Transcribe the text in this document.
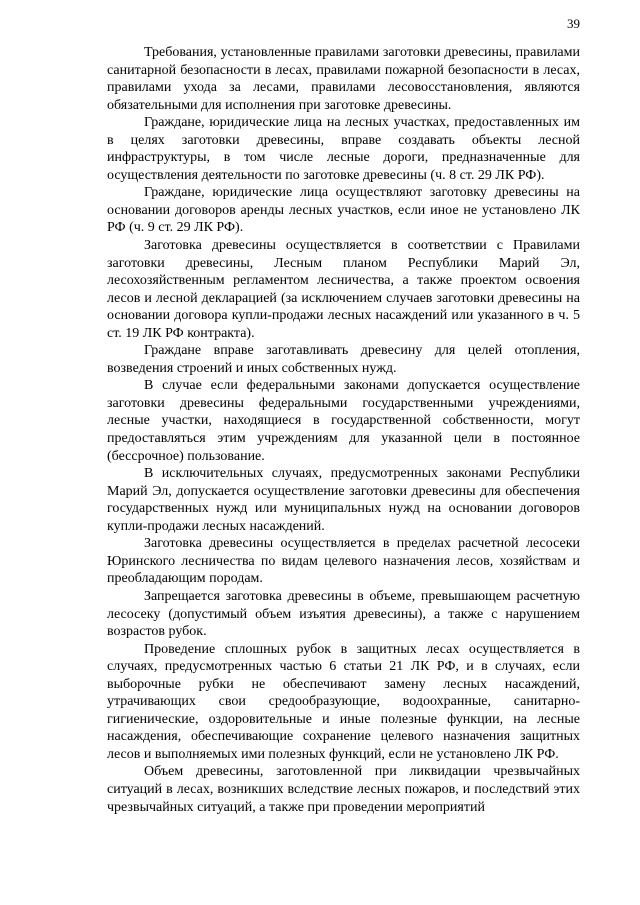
39

Требования, установленные правилами заготовки древесины, правилами санитарной безопасности в лесах, правилами пожарной безопасности в лесах, правилами ухода за лесами, правилами лесовосстановления, являются обязательными для исполнения при заготовке древесины.

Граждане, юридические лица на лесных участках, предоставленных им в целях заготовки древесины, вправе создавать объекты лесной инфраструктуры, в том числе лесные дороги, предназначенные для осуществления деятельности по заготовке древесины (ч. 8 ст. 29 ЛК РФ).

Граждане, юридические лица осуществляют заготовку древесины на основании договоров аренды лесных участков, если иное не установлено ЛК РФ (ч. 9 ст. 29 ЛК РФ).

Заготовка древесины осуществляется в соответствии с Правилами заготовки древесины, Лесным планом Республики Марий Эл, лесохозяйственным регламентом лесничества, а также проектом освоения лесов и лесной декларацией (за исключением случаев заготовки древесины на основании договора купли-продажи лесных насаждений или указанного в ч. 5 ст. 19 ЛК РФ контракта).

Граждане вправе заготавливать древесину для целей отопления, возведения строений и иных собственных нужд.

В случае если федеральными законами допускается осуществление заготовки древесины федеральными государственными учреждениями, лесные участки, находящиеся в государственной собственности, могут предоставляться этим учреждениям для указанной цели в постоянное (бессрочное) пользование.

В исключительных случаях, предусмотренных законами Республики Марий Эл, допускается осуществление заготовки древесины для обеспечения государственных нужд или муниципальных нужд на основании договоров купли-продажи лесных насаждений.

Заготовка древесины осуществляется в пределах расчетной лесосеки Юринского лесничества по видам целевого назначения лесов, хозяйствам и преобладающим породам.

Запрещается заготовка древесины в объеме, превышающем расчетную лесосеку (допустимый объем изъятия древесины), а также с нарушением возрастов рубок.

Проведение сплошных рубок в защитных лесах осуществляется в случаях, предусмотренных частью 6 статьи 21 ЛК РФ, и в случаях, если выборочные рубки не обеспечивают замену лесных насаждений, утрачивающих свои средообразующие, водоохранные, санитарно-гигиенические, оздоровительные и иные полезные функции, на лесные насаждения, обеспечивающие сохранение целевого назначения защитных лесов и выполняемых ими полезных функций, если не установлено ЛК РФ.

Объем древесины, заготовленной при ликвидации чрезвычайных ситуаций в лесах, возникших вследствие лесных пожаров, и последствий этих чрезвычайных ситуаций, а также при проведении мероприятий
